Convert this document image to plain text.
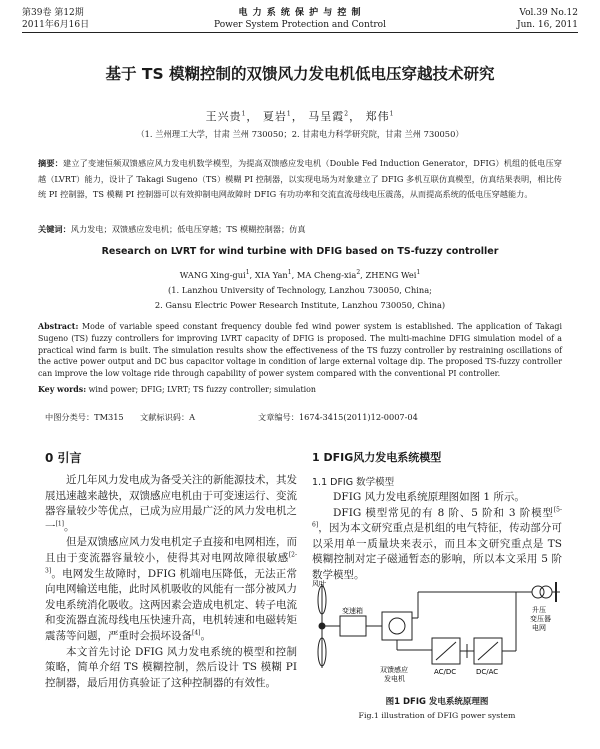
第39卷 第12期
2011年6月16日
电 力 系 统 保 护 与 控 制
Power System Protection and Control
Vol.39 No.12
Jun. 16, 2011
基于 TS 模糊控制的双馈风力发电机低电压穿越技术研究
王兴贵$^1$， 夏岩$^1$， 马呈霞$^2$， 郑伟$^1$
（1. 兰州理工大学，甘肃 兰州 730050；2. 甘肃电力科学研究院，甘肃 兰州 730050）
摘要：建立了变速恒频双馈感应风力发电机数学模型，为提高双馈感应发电机（Double Fed Induction Generator，DFIG）机组的低电压穿越（LVRT）能力，设计了 Takagi Sugeno（TS）模糊 PI 控制器，以实现电场为对象建立了 DFIG 多机互联仿真模型，仿真结果表明，相比传统 PI 控制器，TS 模糊 PI 控制器可以有效抑制电网故障时 DFIG 有功功率和交流直流母线电压震荡，从而提高系统的低电压穿越能力。
关键词：风力发电；双馈感应发电机；低电压穿越；TS 模糊控制器；仿真
Research on LVRT for wind turbine with DFIG based on TS-fuzzy controller
WANG Xing-gui$^1$, XIA Yan$^1$, MA Cheng-xia$^2$, ZHENG Wei$^1$
(1. Lanzhou University of Technology, Lanzhou 730050, China;
2. Gansu Electric Power Research Institute, Lanzhou 730050, China)
Abstract: Mode of variable speed constant frequency double fed wind power system is established. The application of Takagi Sugeno (TS) fuzzy controllers for improving LVRT capacity of DFIG is proposed. The multi-machine DFIG simulation model of a practical wind farm is built. The simulation results show the effectiveness of the TS fuzzy controller by restraining oscillations of the active power output and DC bus capacitor voltage in condition of large external voltage dip. The proposed TS-fuzzy controller can improve the low voltage ride through capability of power system compared with the conventional PI controller.
Key words: wind power; DFIG; LVRT; TS fuzzy controller; simulation
中图分类号：TM315 文献标识码：A	文章编号：1674-3415(2011)12-0007-04
0 引言
近几年风力发电成为备受关注的新能源技术，其发展迅速越来越快，双馈感应电机由于可变速运行、变流器容量较少等优点，已成为应用最广泛的风力发电机之一[1]。
但是双馈感应风力发电机定子直接和电网相连，而且由于变流器容量较小，使得其对电网故障很敏感[2-3]。电网发生故障时，DFIG 机端电压降低，无法正常向电网输送电能，此时风机吸收的风能有一部分被风力发电系统消化吸收。这两因素会造成电机定、转子电流和变流器直流母线电压快速升高，电机转速和电磁转矩震荡等问题，严重时会损坏设备[4]。
本文首先讨论 DFIG 风力发电系统的模型和控制策略，简单介绍 TS 模糊控制，然后设计 TS 模糊 PI 控制器，最后用仿真验证了这种控制器的有效性。
1 DFIG风力发电系统模型
1.1 DFIG 数学模型
DFIG 风力发电系统原理图如图 1 所示。
DFIG 模型常见的有 8 阶、5 阶和 3 阶模型[5-6]，因为本文研究重点是机组的电气特征，传动部分可以采用单一质量块来表示，而且本文研究重点是 TS 模糊控制对定子磁通暂态的影响，所以本文采用 5 阶数学模型。
风叶
变速箱
双馈感应
发电机
AC/DC	DC/AC
升压
变压器
电网
图1 DFIG 发电系统原理图
Fig.1 illustration of DFIG power system
